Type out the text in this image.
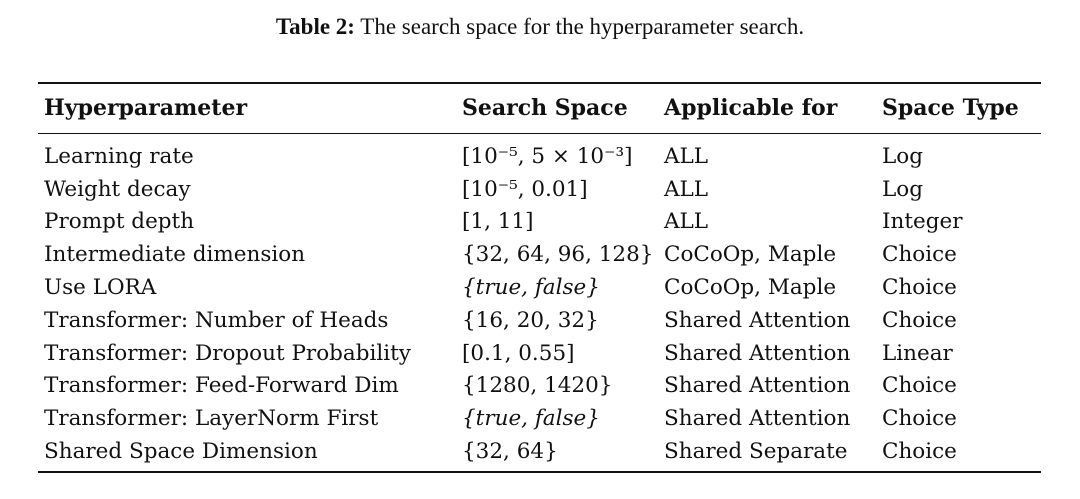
Table 2: The search space for the hyperparameter search.
Hyperparameter	Search Space	Applicable for	Space Type
Learning rate	[10⁻⁵, 5 × 10⁻³]	ALL	Log
Weight decay	[10⁻⁵, 0.01]	ALL	Log
Prompt depth	[1, 11]	ALL	Integer
Intermediate dimension	{32, 64, 96, 128}	CoCoOp, Maple	Choice
Use LORA	{true, false}	CoCoOp, Maple	Choice
Transformer: Number of Heads	{16, 20, 32}	Shared Attention	Choice
Transformer: Dropout Probability	[0.1, 0.55]	Shared Attention	Linear
Transformer: Feed-Forward Dim	{1280, 1420}	Shared Attention	Choice
Transformer: LayerNorm First	{true, false}	Shared Attention	Choice
Shared Space Dimension	{32, 64}	Shared Separate	Choice
